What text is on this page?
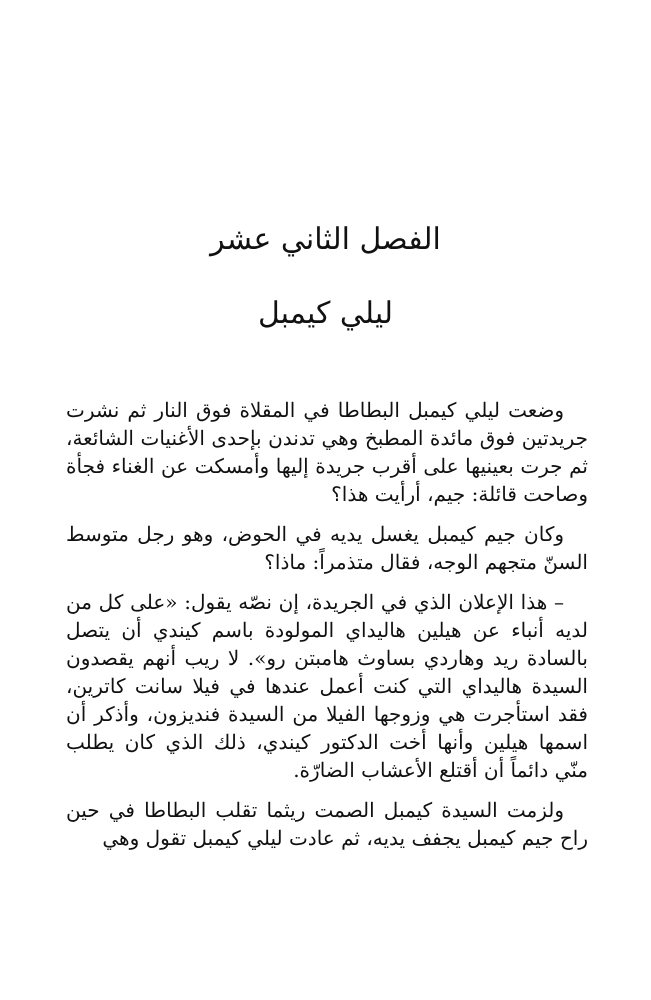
الفصل الثاني عشر
ليلي كيمبل

وضعت ليلي كيمبل البطاطا في المقلاة فوق النار ثم نشرت جريدتين فوق مائدة المطبخ وهي تدندن بإحدى الأغنيات الشائعة، ثم جرت بعينيها على أقرب جريدة إليها وأمسكت عن الغناء فجأة وصاحت قائلة: جيم، أرأيت هذا؟

وكان جيم كيمبل يغسل يديه في الحوض، وهو رجل متوسط السنّ متجهم الوجه، فقال متذمراً: ماذا؟

– هذا الإعلان الذي في الجريدة، إن نصّه يقول: «على كل من لديه أنباء عن هيلين هاليداي المولودة باسم كيندي أن يتصل بالسادة ريد وهاردي بساوث هامبتن رو». لا ريب أنهم يقصدون السيدة هاليداي التي كنت أعمل عندها في فيلا سانت كاترين، فقد استأجرت هي وزوجها الفيلا من السيدة فنديزون، وأذكر أن اسمها هيلين وأنها أخت الدكتور كيندي، ذلك الذي كان يطلب منّي دائماً أن أقتلع الأعشاب الضارّة.

ولزمت السيدة كيمبل الصمت ريثما تقلب البطاطا في حين راح جيم كيمبل يجفف يديه، ثم عادت ليلي كيمبل تقول وهي
